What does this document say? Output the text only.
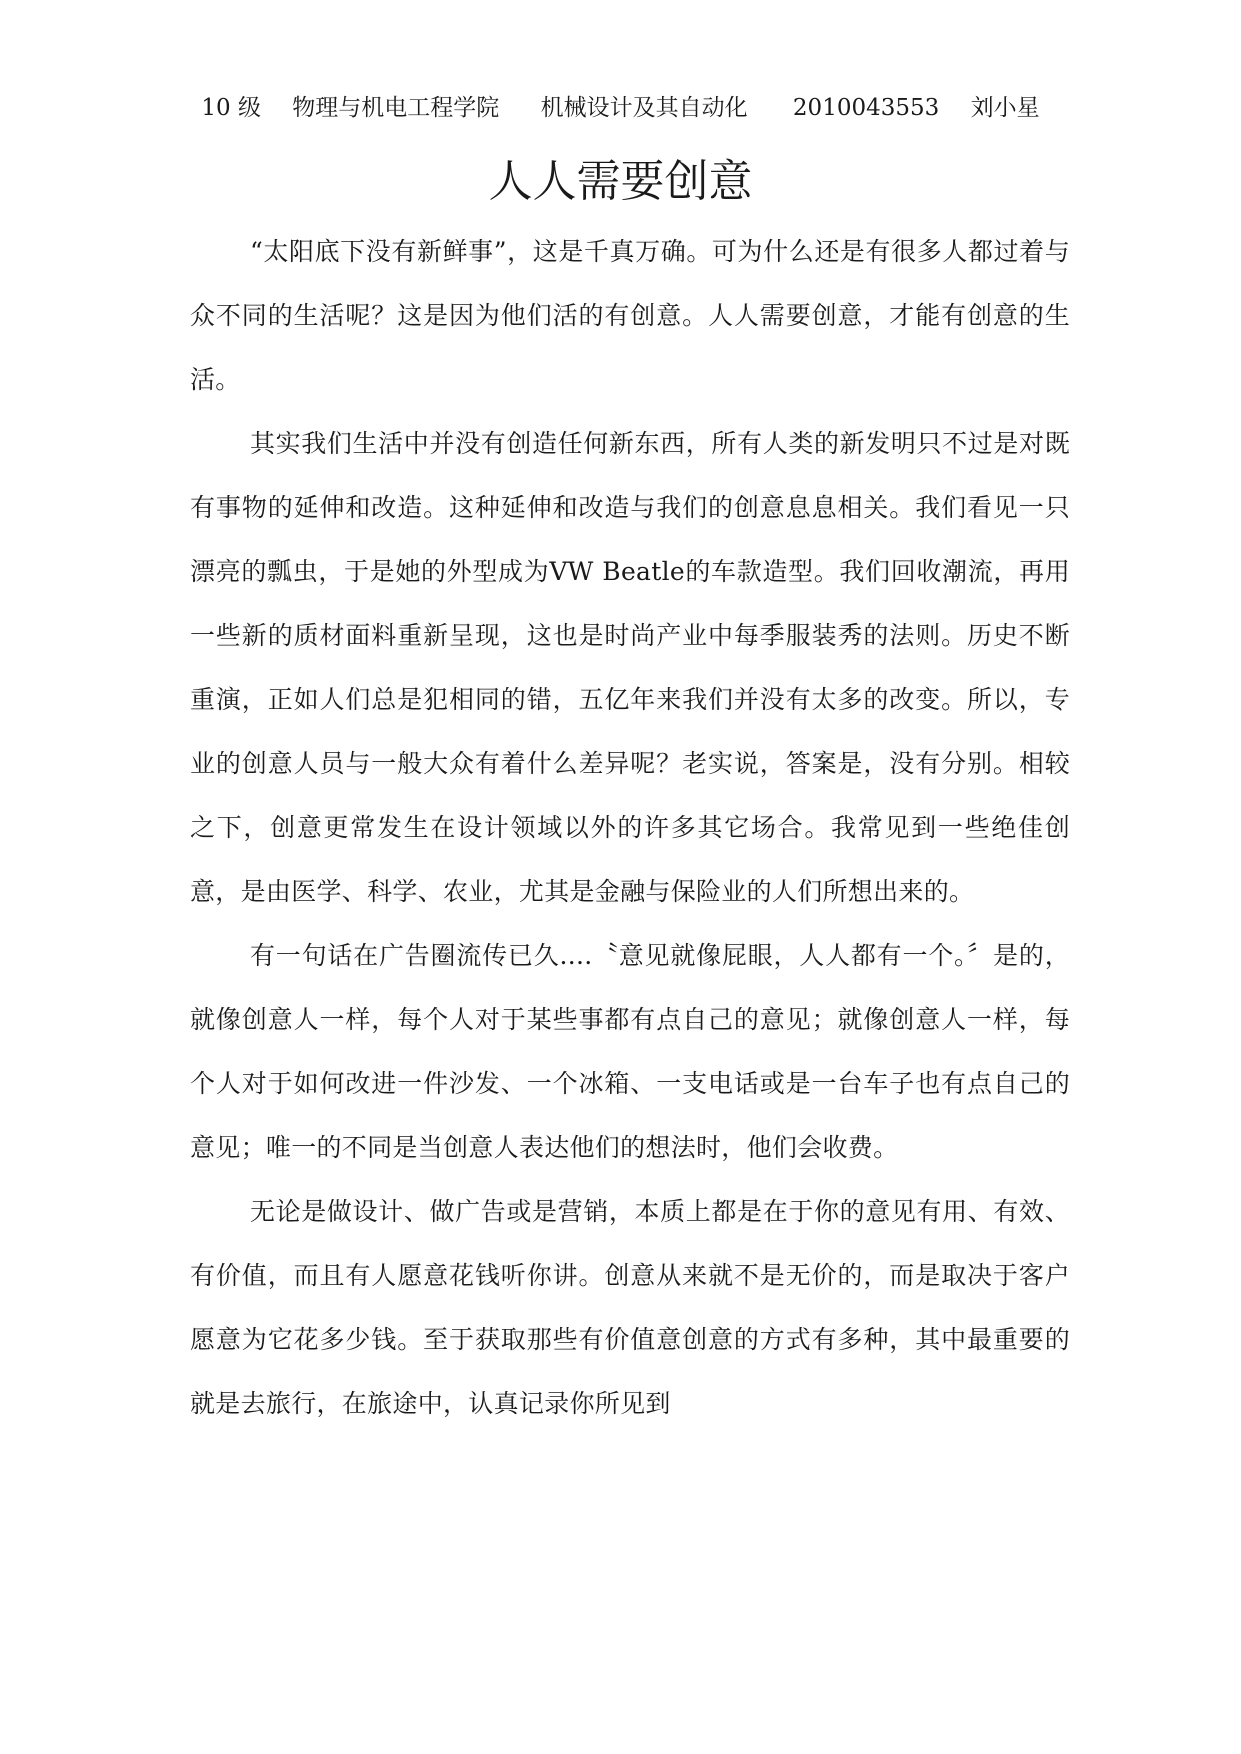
10 级 物理与机电工程学院 机械设计及其自动化 2010043553 刘小星
人人需要创意

“太阳底下没有新鲜事”，这是千真万确。可为什么还是有很多人都过着与众不同的生活呢？这是因为他们活的有创意。人人需要创意，才能有创意的生活。

其实我们生活中并没有创造任何新东西，所有人类的新发明只不过是对既有事物的延伸和改造。这种延伸和改造与我们的创意息息相关。我们看见一只漂亮的瓢虫，于是她的外型成为VW Beatle的车款造型。我们回收潮流，再用一些新的质材面料重新呈现，这也是时尚产业中每季服装秀的法则。历史不断重演，正如人们总是犯相同的错，五亿年来我们并没有太多的改变。所以，专业的创意人员与一般大众有着什么差异呢？老实说，答案是，没有分别。相较之下，创意更常发生在设计领域以外的许多其它场合。我常见到一些绝佳创意，是由医学、科学、农业，尤其是金融与保险业的人们所想出来的。

有一句话在广告圈流传已久....〝意见就像屁眼，人人都有一个。〞是的，就像创意人一样，每个人对于某些事都有点自己的意见；就像创意人一样，每个人对于如何改进一件沙发、一个冰箱、一支电话或是一台车子也有点自己的意见；唯一的不同是当创意人表达他们的想法时，他们会收费。

无论是做设计、做广告或是营销，本质上都是在于你的意见有用、有效、有价值，而且有人愿意花钱听你讲。创意从来就不是无价的，而是取决于客户愿意为它花多少钱。至于获取那些有价值意创意的方式有多种，其中最重要的就是去旅行，在旅途中，认真记录你所见到
